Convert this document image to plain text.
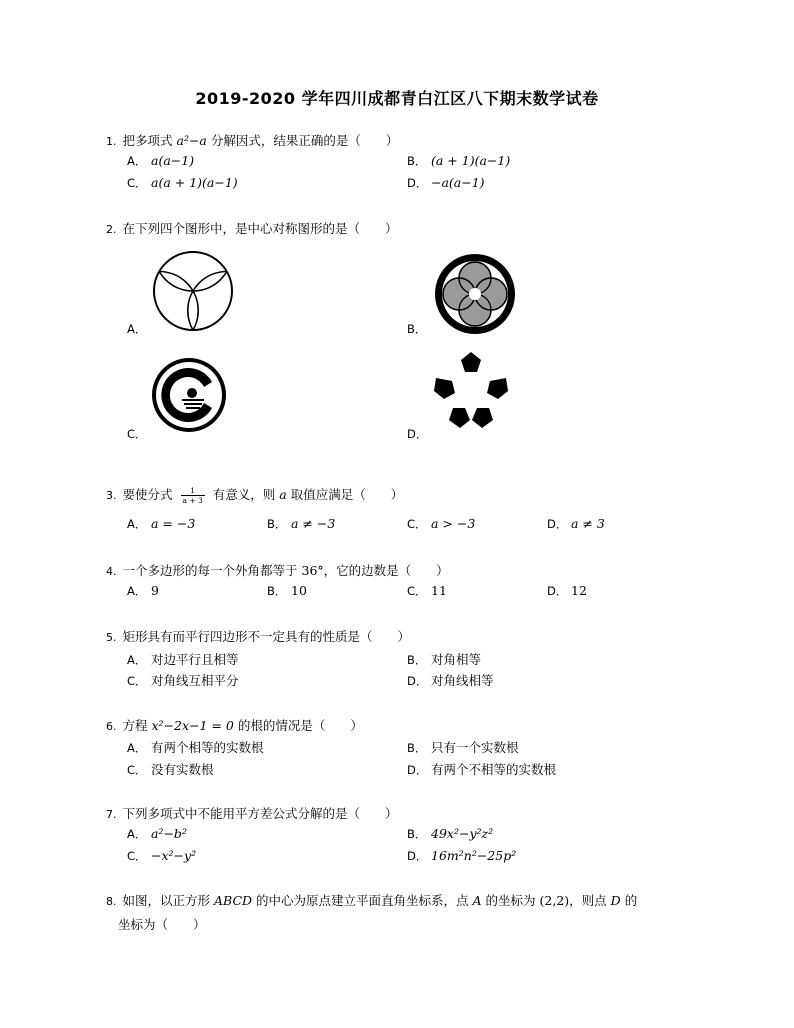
2019-2020 学年四川成都青白江区八下期末数学试卷
1. 把多项式 a²−a 分解因式，结果正确的是（　　）
A． a(a−1)	B． (a + 1)(a−1)
C． a(a + 1)(a−1)	D． −a(a−1)
2. 在下列四个图形中，是中心对称图形的是（　　）
A．	B．
C．	D．
3. 要使分式 $\frac{1}{a + 3}$ 有意义，则 a 取值应满足（　　）
A． a = −3	B． a ≠ −3	C． a > −3	D． a ≠ 3
4. 一个多边形的每一个外角都等于 36°，它的边数是（　　）
A． 9	B． 10	C． 11	D． 12
5. 矩形具有而平行四边形不一定具有的性质是（　　）
A． 对边平行且相等	B． 对角相等
C． 对角线互相平分	D． 对角线相等
6. 方程 x²−2x−1 = 0 的根的情况是（　　）
A． 有两个相等的实数根	B． 只有一个实数根
C． 没有实数根	D． 有两个不相等的实数根
7. 下列多项式中不能用平方差公式分解的是（　　）
A． a²−b²	B． 49x²−y²z²
C． −x²−y²	D． 16m²n²−25p²
8. 如图，以正方形 ABCD 的中心为原点建立平面直角坐标系，点 A 的坐标为 (2,2)，则点 D 的
坐标为（　　）
